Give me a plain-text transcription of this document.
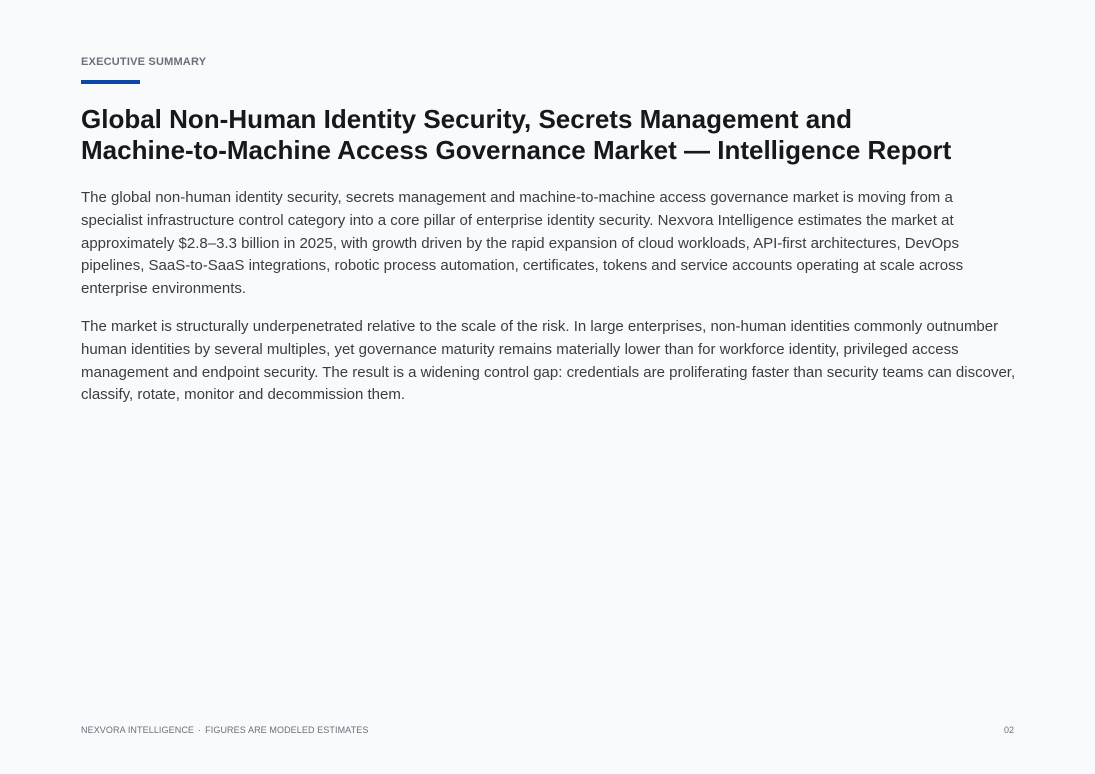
EXECUTIVE SUMMARY
Global Non-Human Identity Security, Secrets Management and
Machine-to-Machine Access Governance Market — Intelligence Report

The global non-human identity security, secrets management and machine-to-machine access governance market is moving from a specialist infrastructure control category into a core pillar of enterprise identity security. Nexvora Intelligence estimates the market at approximately $2.8–3.3 billion in 2025, with growth driven by the rapid expansion of cloud workloads, API-first architectures, DevOps pipelines, SaaS-to-SaaS integrations, robotic process automation, certificates, tokens and service accounts operating at scale across enterprise environments.

The market is structurally underpenetrated relative to the scale of the risk. In large enterprises, non-human identities commonly outnumber human identities by several multiples, yet governance maturity remains materially lower than for workforce identity, privileged access management and endpoint security. The result is a widening control gap: credentials are proliferating faster than security teams can discover, classify, rotate, monitor and decommission them.

NEXVORA INTELLIGENCE · FIGURES ARE MODELED ESTIMATES	02
